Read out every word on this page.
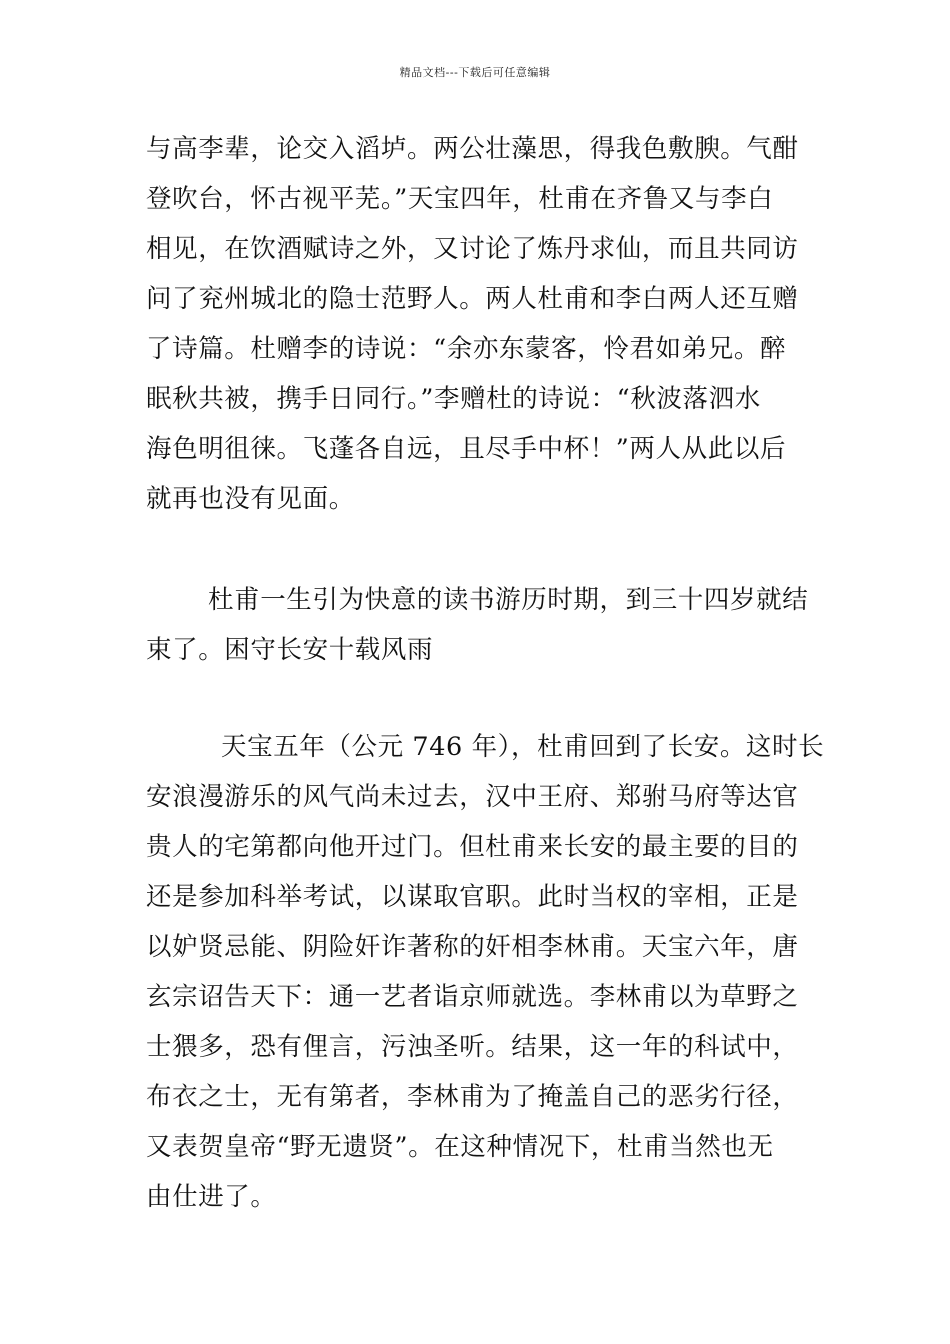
精品文档---下载后可任意编辑
与高李辈，论交入滔垆。两公壮藻思，得我色敷腴。气酣
登吹台，怀古视平芜。”天宝四年，杜甫在齐鲁又与李白
相见，在饮酒赋诗之外，又讨论了炼丹求仙，而且共同访
问了兖州城北的隐士范野人。两人杜甫和李白两人还互赠
了诗篇。杜赠李的诗说：“余亦东蒙客，怜君如弟兄。醉
眠秋共被，携手日同行。”李赠杜的诗说：“秋波落泗水
海色明徂徕。飞蓬各自远，且尽手中杯！”两人从此以后
就再也没有见面。
杜甫一生引为快意的读书游历时期，到三十四岁就结
束了。困守长安十载风雨
天宝五年（公元 746 年），杜甫回到了长安。这时长
安浪漫游乐的风气尚未过去，汉中王府、郑驸马府等达官
贵人的宅第都向他开过门。但杜甫来长安的最主要的目的
还是参加科举考试，以谋取官职。此时当权的宰相，正是
以妒贤忌能、阴险奸诈著称的奸相李林甫。天宝六年，唐
玄宗诏告天下：通一艺者诣京师就选。李林甫以为草野之
士猥多，恐有俚言，污浊圣听。结果，这一年的科试中，
布衣之士，无有第者，李林甫为了掩盖自己的恶劣行径，
又表贺皇帝“野无遗贤”。在这种情况下，杜甫当然也无
由仕进了。
